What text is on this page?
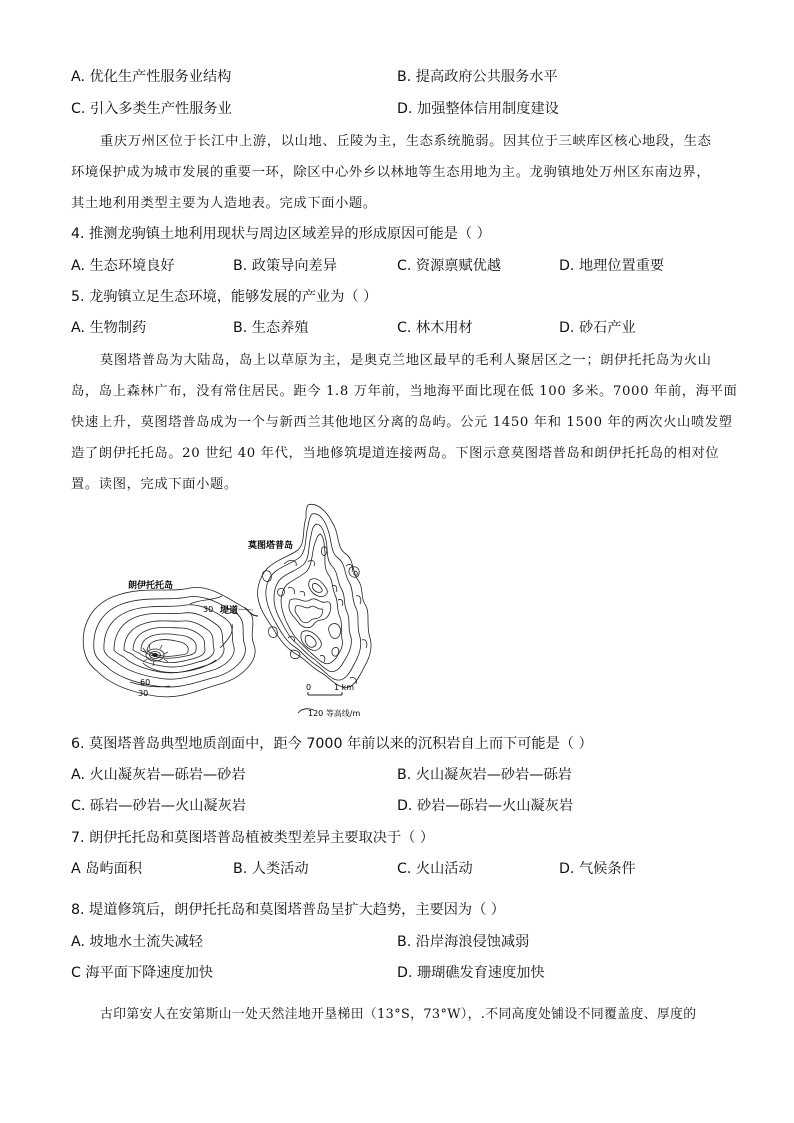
A. 优化生产性服务业结构	B. 提高政府公共服务水平
C. 引入多类生产性服务业	D. 加强整体信用制度建设
重庆万州区位于长江中上游，以山地、丘陵为主，生态系统脆弱。因其位于三峡库区核心地段，生态
环境保护成为城市发展的重要一环，除区中心外乡以林地等生态用地为主。龙驹镇地处万州区东南边界，
其土地利用类型主要为人造地表。完成下面小题。
4. 推测龙驹镇土地利用现状与周边区域差异的形成原因可能是（ ）
A. 生态环境良好	B. 政策导向差异	C. 资源禀赋优越	D. 地理位置重要
5. 龙驹镇立足生态环境，能够发展的产业为（ ）
A. 生物制药	B. 生态养殖	C. 林木用材	D. 砂石产业
莫图塔普岛为大陆岛，岛上以草原为主，是奥克兰地区最早的毛利人聚居区之一；朗伊托托岛为火山
岛，岛上森林广布，没有常住居民。距今 1.8 万年前，当地海平面比现在低 100 多米。7000 年前，海平面
快速上升，莫图塔普岛成为一个与新西兰其他地区分离的岛屿。公元 1450 年和 1500 年的两次火山喷发塑
造了朗伊托托岛。20 世纪 40 年代，当地修筑堤道连接两岛。下图示意莫图塔普岛和朗伊托托岛的相对位
置。读图，完成下面小题。
莫图塔普岛
朗伊托托岛
堤道
30
30
60
0	1 km
120 等高线/m
6. 莫图塔普岛典型地质剖面中，距今 7000 年前以来的沉积岩自上而下可能是（ ）
A. 火山凝灰岩—砾岩—砂岩	B. 火山凝灰岩—砂岩—砾岩
C. 砾岩—砂岩—火山凝灰岩	D. 砂岩—砾岩—火山凝灰岩
7. 朗伊托托岛和莫图塔普岛植被类型差异主要取决于（ ）
A 岛屿面积	B. 人类活动	C. 火山活动	D. 气候条件
8. 堤道修筑后，朗伊托托岛和莫图塔普岛呈扩大趋势，主要因为（ ）
A. 坡地水土流失减轻	B. 沿岸海浪侵蚀减弱
C 海平面下降速度加快	D. 珊瑚礁发育速度加快
古印第安人在安第斯山一处天然洼地开垦梯田（13°S，73°W），.不同高度处铺设不同覆盖度、厚度的
